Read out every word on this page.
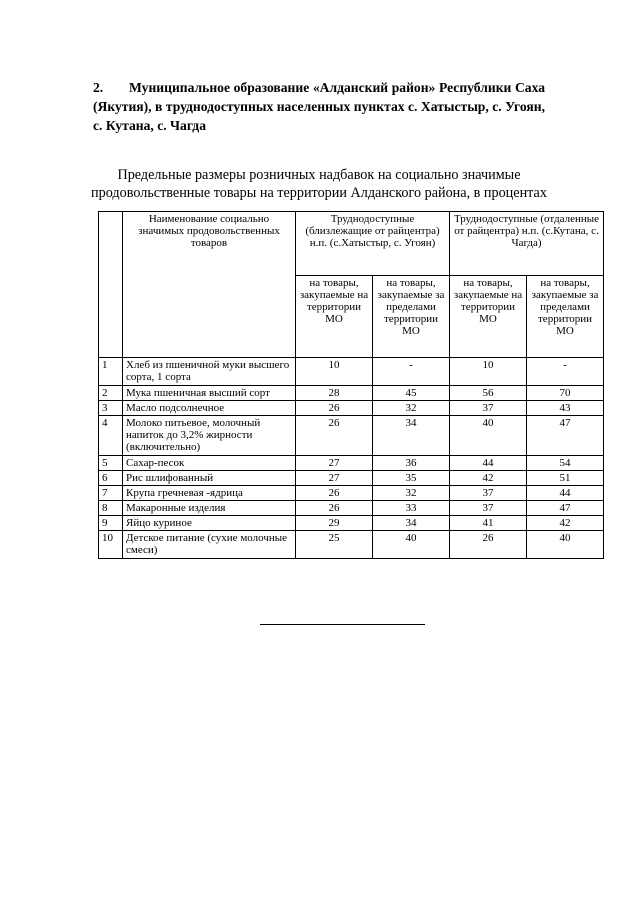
2. Муниципальное образование «Алданский район» Республики Саха (Якутия), в труднодоступных населенных пунктах с. Хатыстыр, с. Угоян, с. Кутана, с. Чагда
Предельные размеры розничных надбавок на социально значимые продовольственные товары на территории Алданского района, в процентах
	Наименование социально значимых продовольственных товаров	Труднодоступные (близлежащие от райцентра) н.п. (с.Хатыстыр, с. Угоян)		Труднодоступные (отдаленные от райцентра) н.п. (с.Кутана, с. Чагда)	
		на товары, закупаемые на территории МО	на товары, закупаемые за пределами территории МО	на товары, закупаемые на территории МО	на товары, закупаемые за пределами территории МО
1	Хлеб из пшеничной муки высшего сорта, 1 сорта	10	-	10	-
2	Мука пшеничная высший сорт	28	45	56	70
3	Масло подсолнечное	26	32	37	43
4	Молоко питьевое, молочный напиток до 3,2% жирности (включительно)	26	34	40	47
5	Сахар-песок	27	36	44	54
6	Рис шлифованный	27	35	42	51
7	Крупа гречневая -ядрица	26	32	37	44
8	Макаронные изделия	26	33	37	47
9	Яйцо куриное	29	34	41	42
10	Детское питание (сухие молочные смеси)	25	40	26	40
